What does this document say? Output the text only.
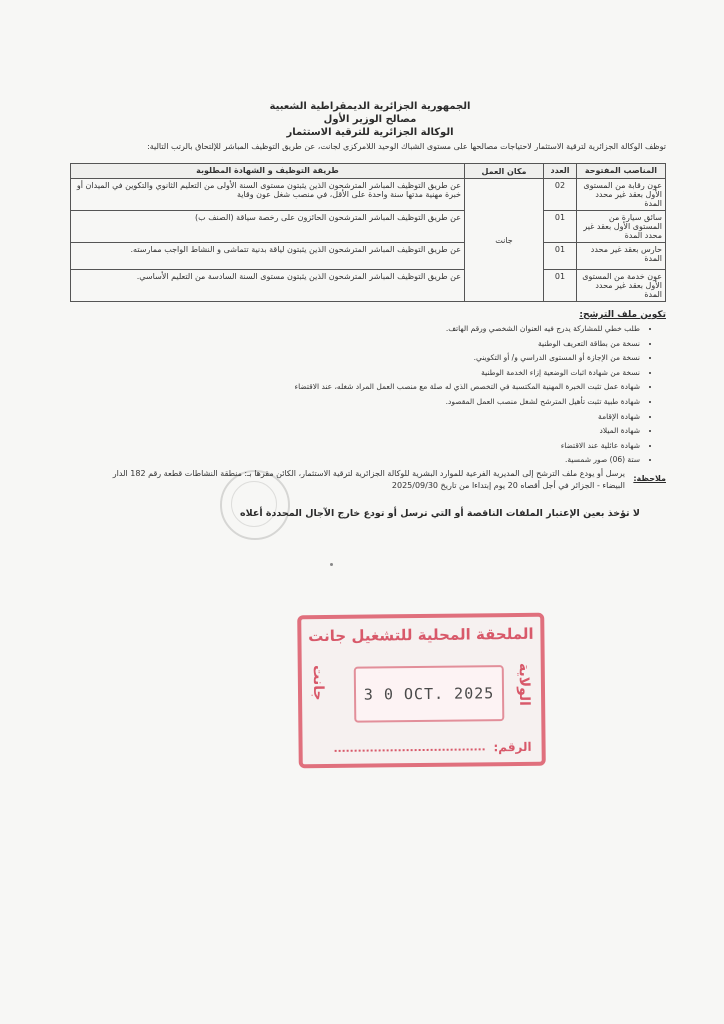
الجمهورية الجزائرية الديمقراطية الشعبية
مصالح الوزير الأول
الوكالة الجزائرية للترقية الاستثمار
توظف الوكالة الجزائرية لترقية الاستثمار لاحتياجات مصالحها على مستوى الشباك الوحيد اللامركزي لجانت، عن طريق التوظيف المباشر للإلتحاق بالرتب التالية:
المناصب المفتوحة	العدد	مكان العمل	طريقة التوظيف و الشهادة المطلوبة
عون رقابة من المستوى الأول بعقد غير محدد المدة	02	جانت	عن طريق التوظيف المباشر المترشحون الذين يثبتون مستوى السنة الأولى من التعليم الثانوي والتكوين في الميدان أو خبرة مهنية مدتها سنة واحدة على الأقل، في منصب شغل عون وقاية
سائق سيارة من المستوى الأول بعقد غير محدد المدة	01		عن طريق التوظيف المباشر المترشحون الحائزون على رخصة سياقة (الصنف ب)
حارس بعقد غير محدد المدة	01		عن طريق التوظيف المباشر المترشحون الذين يثبتون لياقة بدنية تتماشى و النشاط الواجب ممارسته.
عون خدمة من المستوى الأول بعقد غير محدد المدة	01		عن طريق التوظيف المباشر المترشحون الذين يثبتون مستوى السنة السادسة من التعليم الأساسي.
تكوين ملف الترشح:
• طلب خطي للمشاركة يدرج فيه العنوان الشخصي ورقم الهاتف.
• نسخة من بطاقة التعريف الوطنية
• نسخة من الإجازة أو المستوى الدراسي و/ أو التكويني.
• نسخة من شهادة اثبات الوضعية إزاء الخدمة الوطنية
• شهادة عمل تثبت الخبرة المهنية المكتسبة في التخصص الذي له صلة مع منصب العمل المراد شغله، عند الاقتضاء
• شهادة طبية تثبت تأهيل المترشح لشغل منصب العمل المقصود.
• شهادة الإقامة
• شهادة الميلاد
• شهادة عائلية عند الاقتضاء
• ستة (06) صور شمسية.
ملاحظة:
يرسل أو يودع ملف الترشح إلى المديرية الفرعية للموارد البشرية للوكالة الجزائرية لترقية الاستثمار، الكائن مقرها بـ: منطقة النشاطات قطعة رقم 182 الدار البيضاء - الجزائر في أجل أقصاه 20 يوم إبتداءا من تاريخ 2025/09/30
لا تؤخذ بعين الإعتبار الملفات الناقصة أو التي ترسل أو تودع خارج الآجال المحددة أعلاه
الملحقة المحلية للتشغيل جانت
الولاية
جانت	3 0 OCT. 2025
الرقم:
